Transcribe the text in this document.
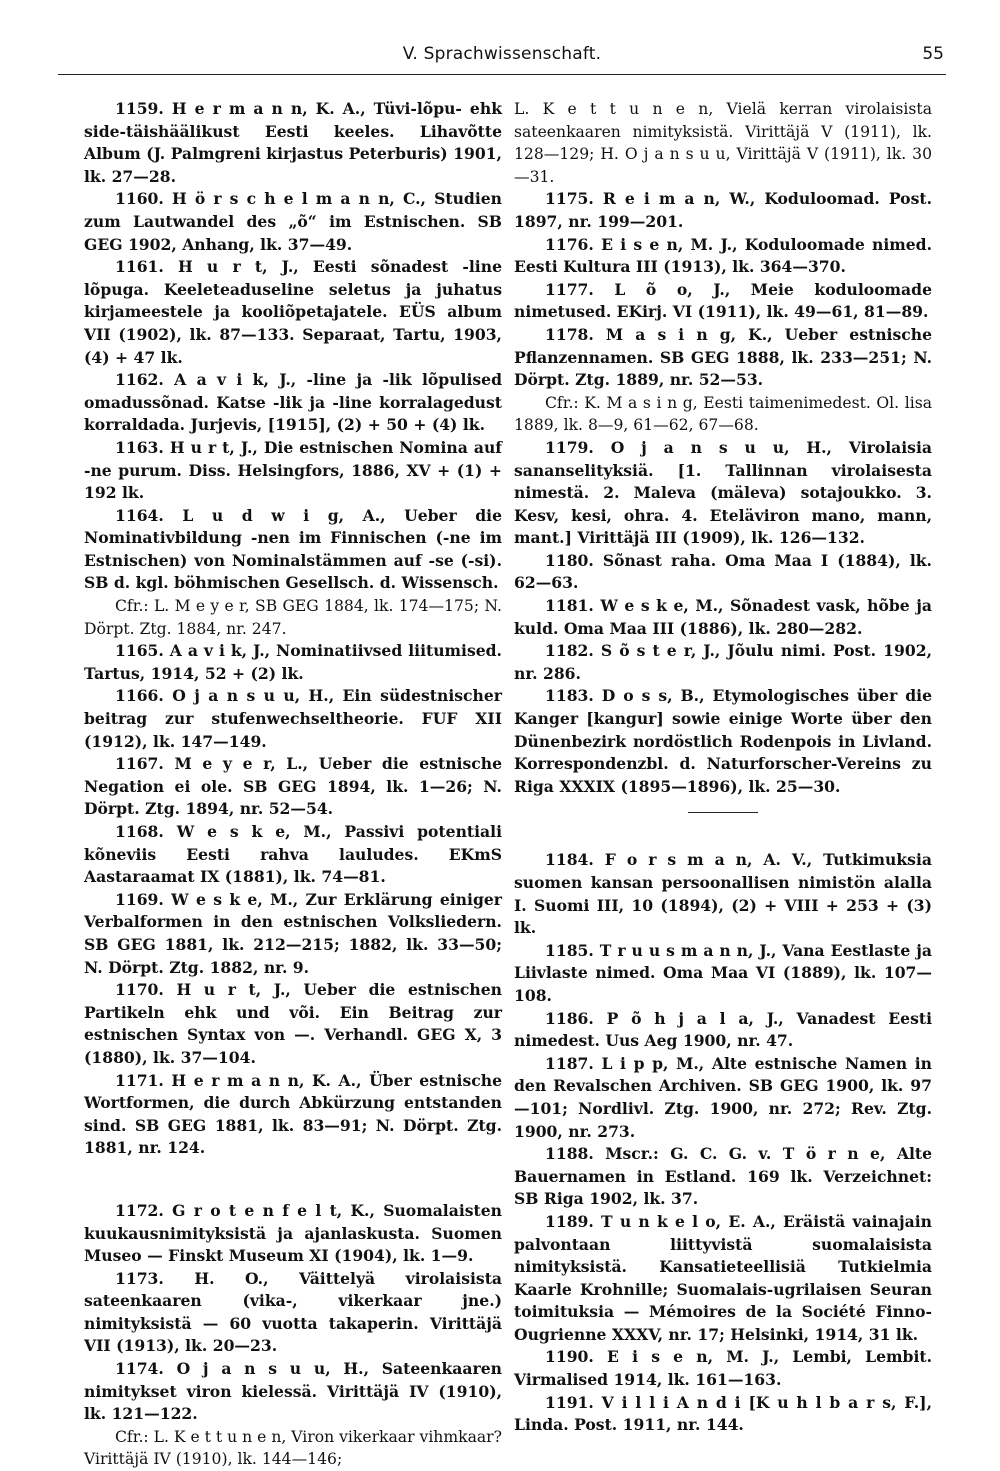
V. Sprachwissenschaft.	55

1159. H e r m a n n, K. A., Tüvi-lõpu- ehk side-täishäälikust Eesti keeles. Lihavõtte Album (J. Palmgreni kirjastus Peterburis) 1901, lk. 27—28.

1160. H ö r s c h e l m a n n, C., Studien zum Lautwandel des „õ“ im Estnischen. SB GEG 1902, Anhang, lk. 37—49.

1161. H u r t, J., Eesti sõnadest -line lõpuga. Keeleteaduseline seletus ja juhatus kirjameestele ja kooliõpetajatele. EÜS album VII (1902), lk. 87—133. Separaat, Tartu, 1903, (4) + 47 lk.

1162. A a v i k, J., -line ja -lik lõpulised omadussõnad. Katse -lik ja -line korralagedust korraldada. Jurjevis, [1915], (2) + 50 + (4) lk.

1163. H u r t, J., Die estnischen Nomina auf -ne purum. Diss. Helsingfors, 1886, XV + (1) + 192 lk.

1164. L u d w i g, A., Ueber die Nominativbildung -nen im Finnischen (-ne im Estnischen) von Nominalstämmen auf -se (-si). SB d. kgl. böhmischen Gesellsch. d. Wissensch.

Cfr.: L. M e y e r, SB GEG 1884, lk. 174—175; N. Dörpt. Ztg. 1884, nr. 247.

1165. A a v i k, J., Nominatiivsed liitumised. Tartus, 1914, 52 + (2) lk.

1166. O j a n s u u, H., Ein südestnischer beitrag zur stufenwechseltheorie. FUF XII (1912), lk. 147—149.

1167. M e y e r, L., Ueber die estnische Negation ei ole. SB GEG 1894, lk. 1—26; N. Dörpt. Ztg. 1894, nr. 52—54.

1168. W e s k e, M., Passivi potentiali kõneviis Eesti rahva lauludes. EKmS Aastaraamat IX (1881), lk. 74—81.

1169. W e s k e, M., Zur Erklärung einiger Verbalformen in den estnischen Volksliedern. SB GEG 1881, lk. 212—215; 1882, lk. 33—50; N. Dörpt. Ztg. 1882, nr. 9.

1170. H u r t, J., Ueber die estnischen Partikeln ehk und või. Ein Beitrag zur estnischen Syntax von —. Verhandl. GEG X, 3 (1880), lk. 37—104.

1171. H e r m a n n, K. A., Über estnische Wortformen, die durch Abkürzung entstanden sind. SB GEG 1881, lk. 83—91; N. Dörpt. Ztg. 1881, nr. 124.

1172. G r o t e n f e l t, K., Suomalaisten kuukausnimityksistä ja ajanlaskusta. Suomen Museo — Finskt Museum XI (1904), lk. 1—9.

1173. H. O., Väittelyä virolaisista sateenkaaren (vika-, vikerkaar jne.) nimityksistä — 60 vuotta takaperin. Virittäjä VII (1913), lk. 20—23.

1174. O j a n s u u, H., Sateenkaaren nimitykset viron kielessä. Virittäjä IV (1910), lk. 121—122.

Cfr.: L. K e t t u n e n, Viron vikerkaar vihmkaar? Virittäjä IV (1910), lk. 144—146;

L. K e t t u n e n, Vielä kerran virolaisista sateenkaaren nimityksistä. Virittäjä V (1911), lk. 128—129; H. O j a n s u u, Virittäjä V (1911), lk. 30—31.

1175. R e i m a n, W., Koduloomad. Post. 1897, nr. 199—201.

1176. E i s e n, M. J., Koduloomade nimed. Eesti Kultura III (1913), lk. 364—370.

1177. L õ o, J., Meie koduloomade nimetused. EKirj. VI (1911), lk. 49—61, 81—89.

1178. M a s i n g, K., Ueber estnische Pflanzennamen. SB GEG 1888, lk. 233—251; N. Dörpt. Ztg. 1889, nr. 52—53.

Cfr.: K. M a s i n g, Eesti taimenimedest. Ol. lisa 1889, lk. 8—9, 61—62, 67—68.

1179. O j a n s u u, H., Virolaisia sananselityksiä. [1. Tallinnan virolaisesta nimestä. 2. Maleva (mäleva) sotajoukko. 3. Kesv, kesi, ohra. 4. Eteläviron mano, mann, mant.] Virittäjä III (1909), lk. 126—132.

1180. Sõnast raha. Oma Maa I (1884), lk. 62—63.

1181. W e s k e, M., Sõnadest vask, hõbe ja kuld. Oma Maa III (1886), lk. 280—282.

1182. S õ s t e r, J., Jõulu nimi. Post. 1902, nr. 286.

1183. D o s s, B., Etymologisches über die Kanger [kangur] sowie einige Worte über den Dünenbezirk nordöstlich Rodenpois in Livland. Korrespondenzbl. d. Naturforscher-Vereins zu Riga XXXIX (1895—1896), lk. 25—30.

1184. F o r s m a n, A. V., Tutkimuksia suomen kansan persoonallisen nimistön alalla I. Suomi III, 10 (1894), (2) + VIII + 253 + (3) lk.

1185. T r u u s m a n n, J., Vana Eestlaste ja Liivlaste nimed. Oma Maa VI (1889), lk. 107—108.

1186. P õ h j a l a, J., Vanadest Eesti nimedest. Uus Aeg 1900, nr. 47.

1187. L i p p, M., Alte estnische Namen in den Revalschen Archiven. SB GEG 1900, lk. 97—101; Nordlivl. Ztg. 1900, nr. 272; Rev. Ztg. 1900, nr. 273.

1188. Mscr.: G. C. G. v. T ö r n e, Alte Bauernamen in Estland. 169 lk. Verzeichnet: SB Riga 1902, lk. 37.

1189. T u n k e l o, E. A., Eräistä vainajain palvontaan liittyvistä suomalaisista nimityksistä. Kansatieteellisiä Tutkielmia Kaarle Krohnille; Suomalais-ugrilaisen Seuran toimituksia — Mémoires de la Société Finno-Ougrienne XXXV, nr. 17; Helsinki, 1914, 31 lk.

1190. E i s e n, M. J., Lembi, Lembit. Virmalised 1914, lk. 161—163.

1191. V i l l i A n d i [K u h l b a r s, F.], Linda. Post. 1911, nr. 144.
